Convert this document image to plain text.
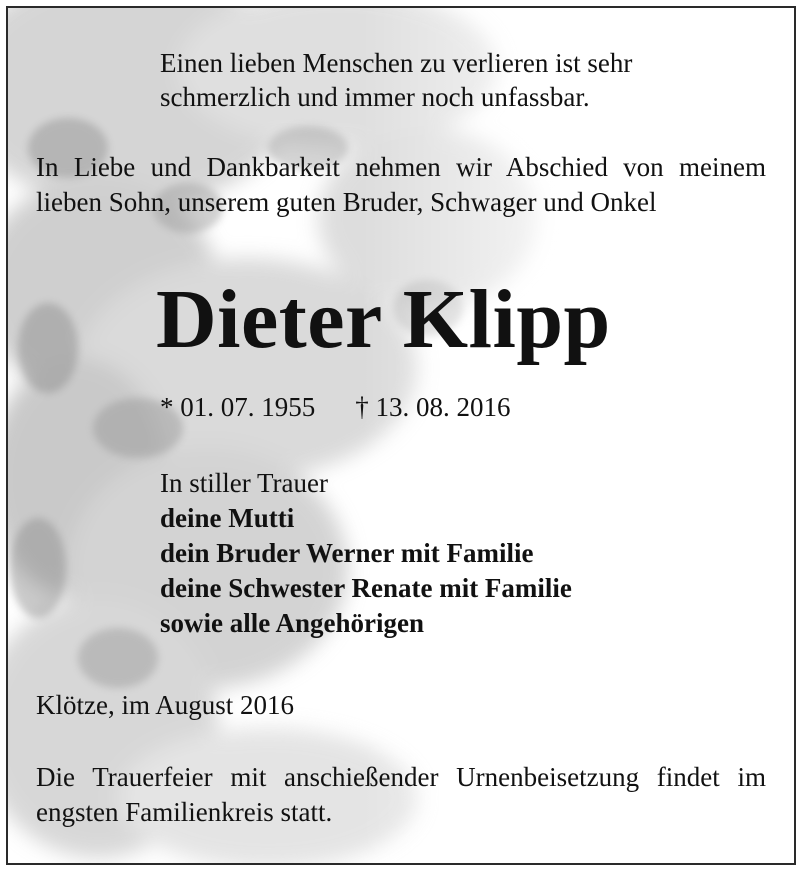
Einen lieben Menschen zu verlieren ist sehr
schmerzlich und immer noch unfassbar.
In Liebe und Dankbarkeit nehmen wir Abschied von meinem lieben Sohn, unserem guten Bruder, Schwager und Onkel
Dieter Klipp
* 01. 07. 1955 † 13. 08. 2016
In stiller Trauer
deine Mutti
dein Bruder Werner mit Familie
deine Schwester Renate mit Familie
sowie alle Angehörigen
Klötze, im August 2016
Die Trauerfeier mit anschießender Urnenbeisetzung findet im engsten Familienkreis statt.
